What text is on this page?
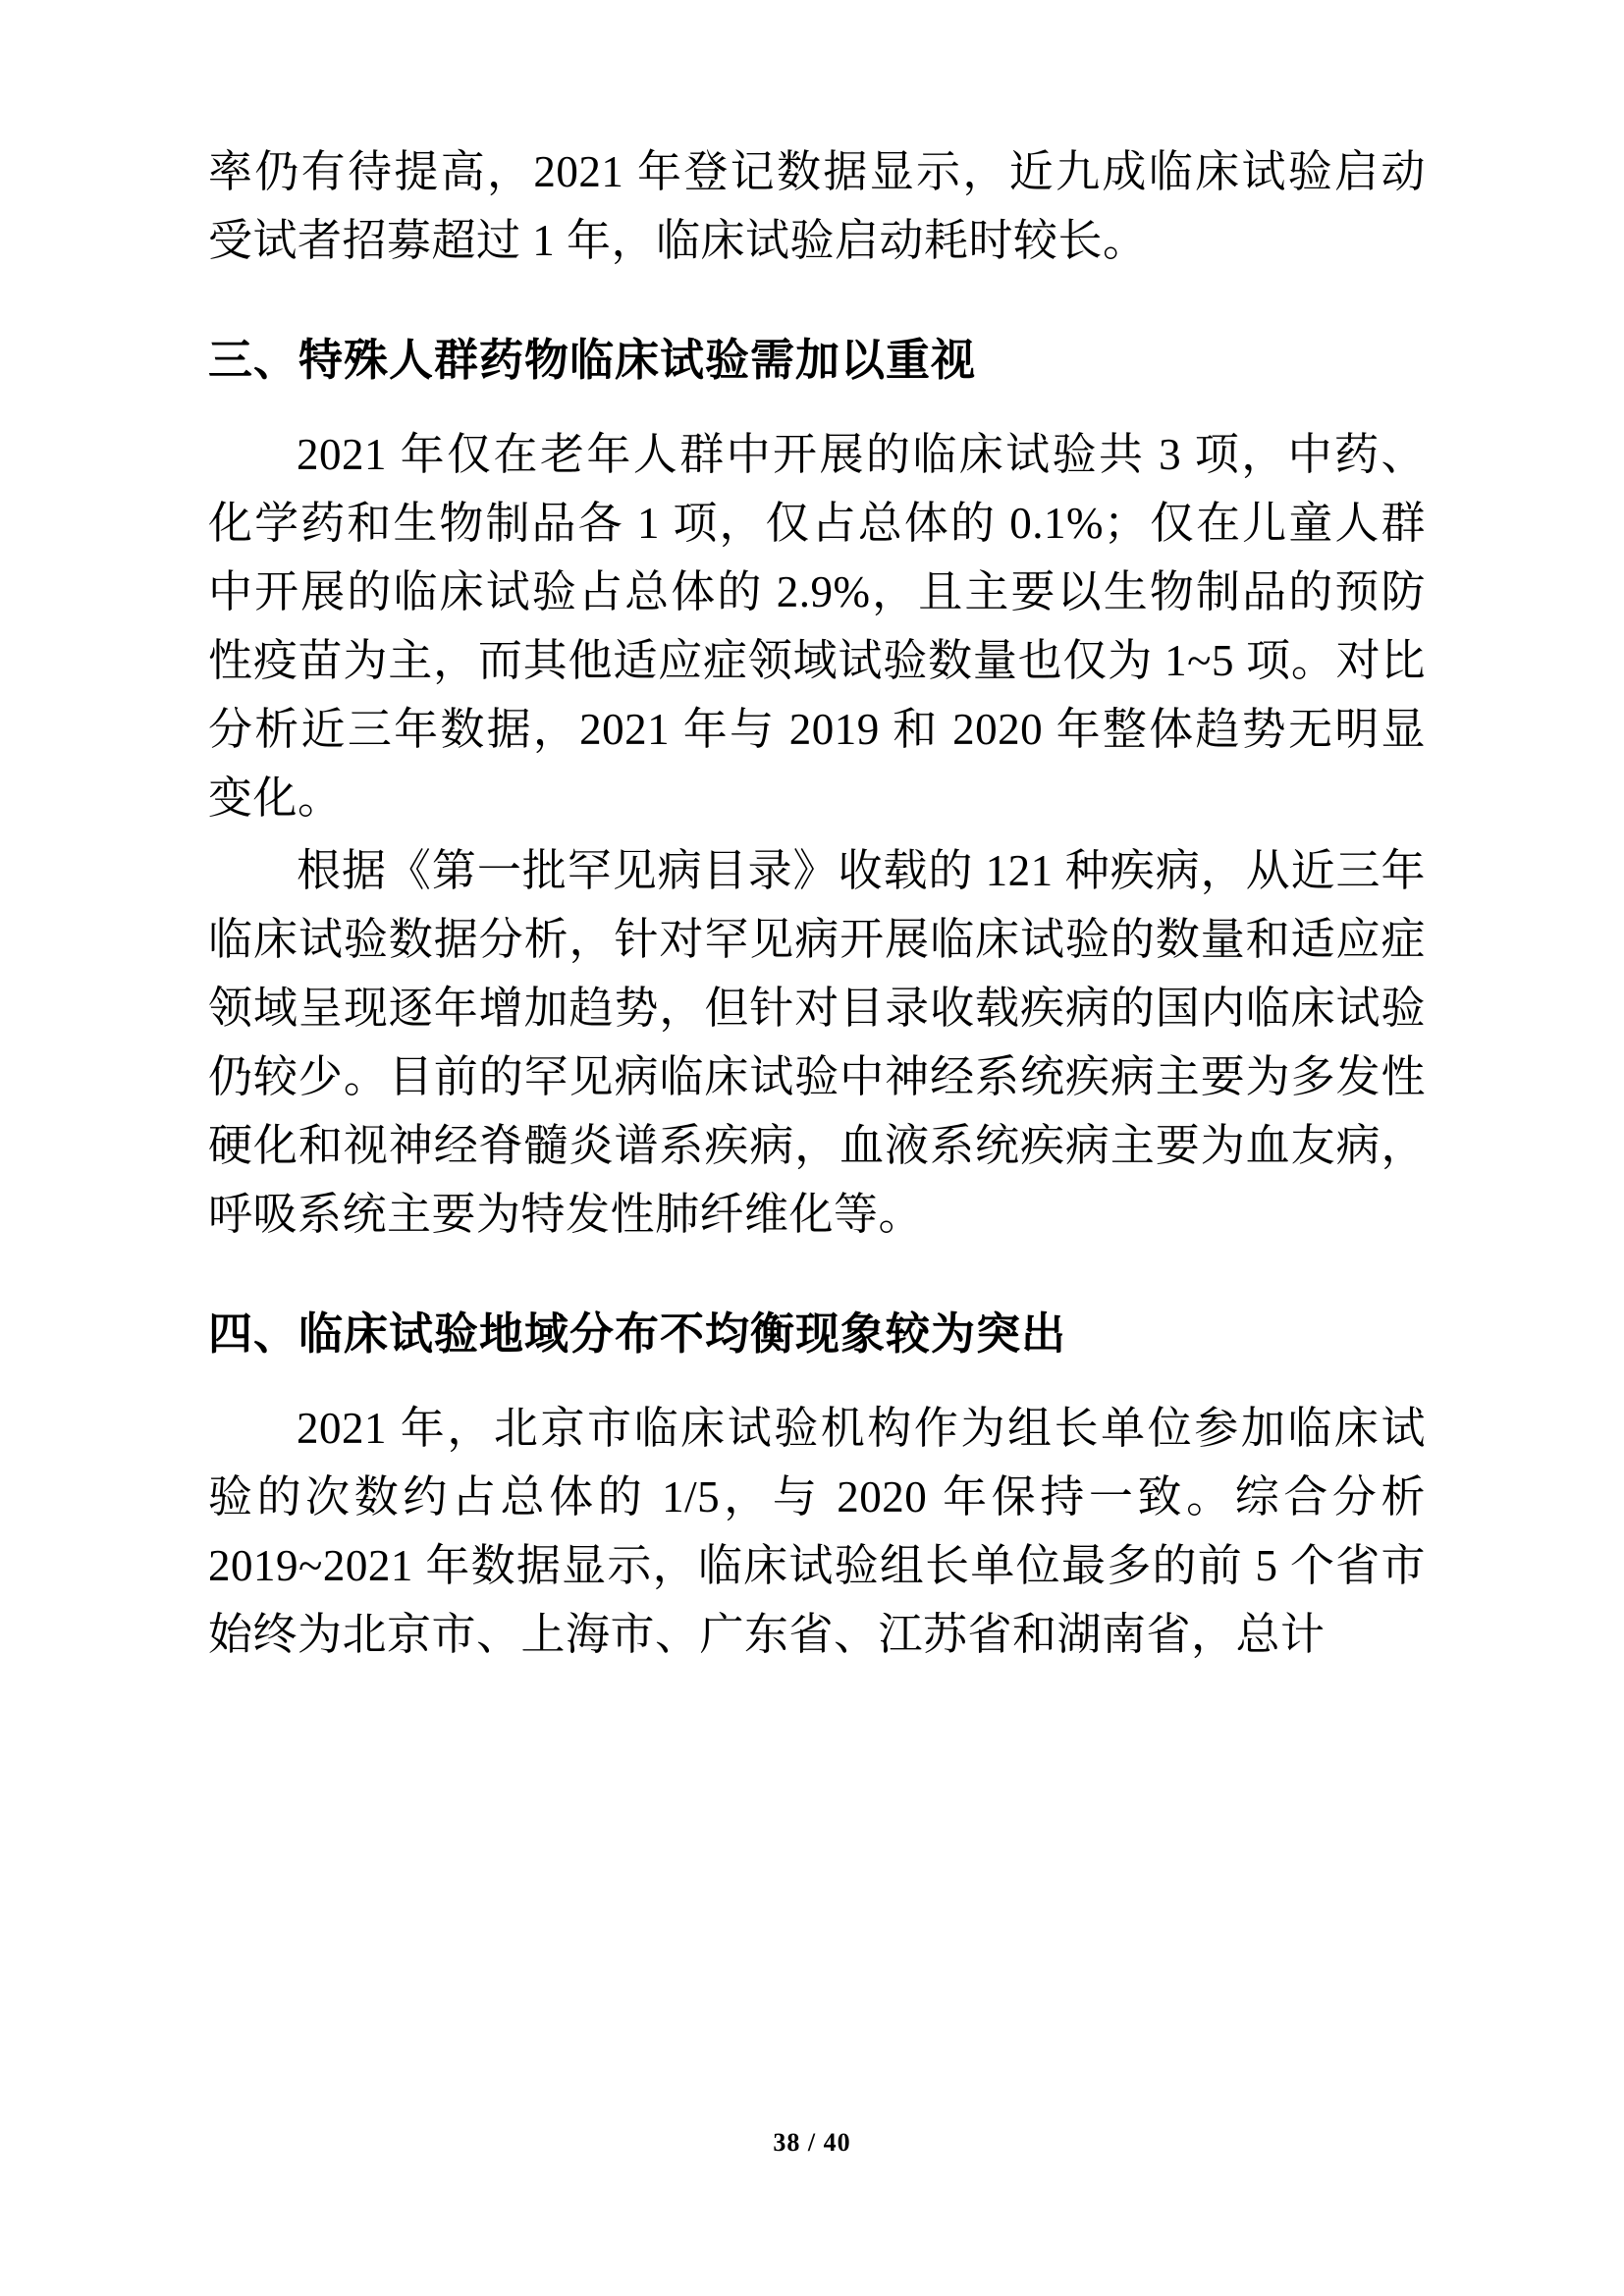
率仍有待提高，2021 年登记数据显示，近九成临床试验启动受试者招募超过 1 年，临床试验启动耗时较长。

三、特殊人群药物临床试验需加以重视

2021 年仅在老年人群中开展的临床试验共 3 项，中药、化学药和生物制品各 1 项，仅占总体的 0.1%；仅在儿童人群中开展的临床试验占总体的 2.9%，且主要以生物制品的预防性疫苗为主，而其他适应症领域试验数量也仅为 1~5 项。对比分析近三年数据，2021 年与 2019 和 2020 年整体趋势无明显变化。

根据《第一批罕见病目录》收载的 121 种疾病，从近三年临床试验数据分析，针对罕见病开展临床试验的数量和适应症领域呈现逐年增加趋势，但针对目录收载疾病的国内临床试验仍较少。目前的罕见病临床试验中神经系统疾病主要为多发性硬化和视神经脊髓炎谱系疾病，血液系统疾病主要为血友病，呼吸系统主要为特发性肺纤维化等。

四、临床试验地域分布不均衡现象较为突出

2021 年，北京市临床试验机构作为组长单位参加临床试验的次数约占总体的 1/5，与 2020 年保持一致。综合分析 2019~2021 年数据显示，临床试验组长单位最多的前 5 个省市始终为北京市、上海市、广东省、江苏省和湖南省，总计

38 / 40
